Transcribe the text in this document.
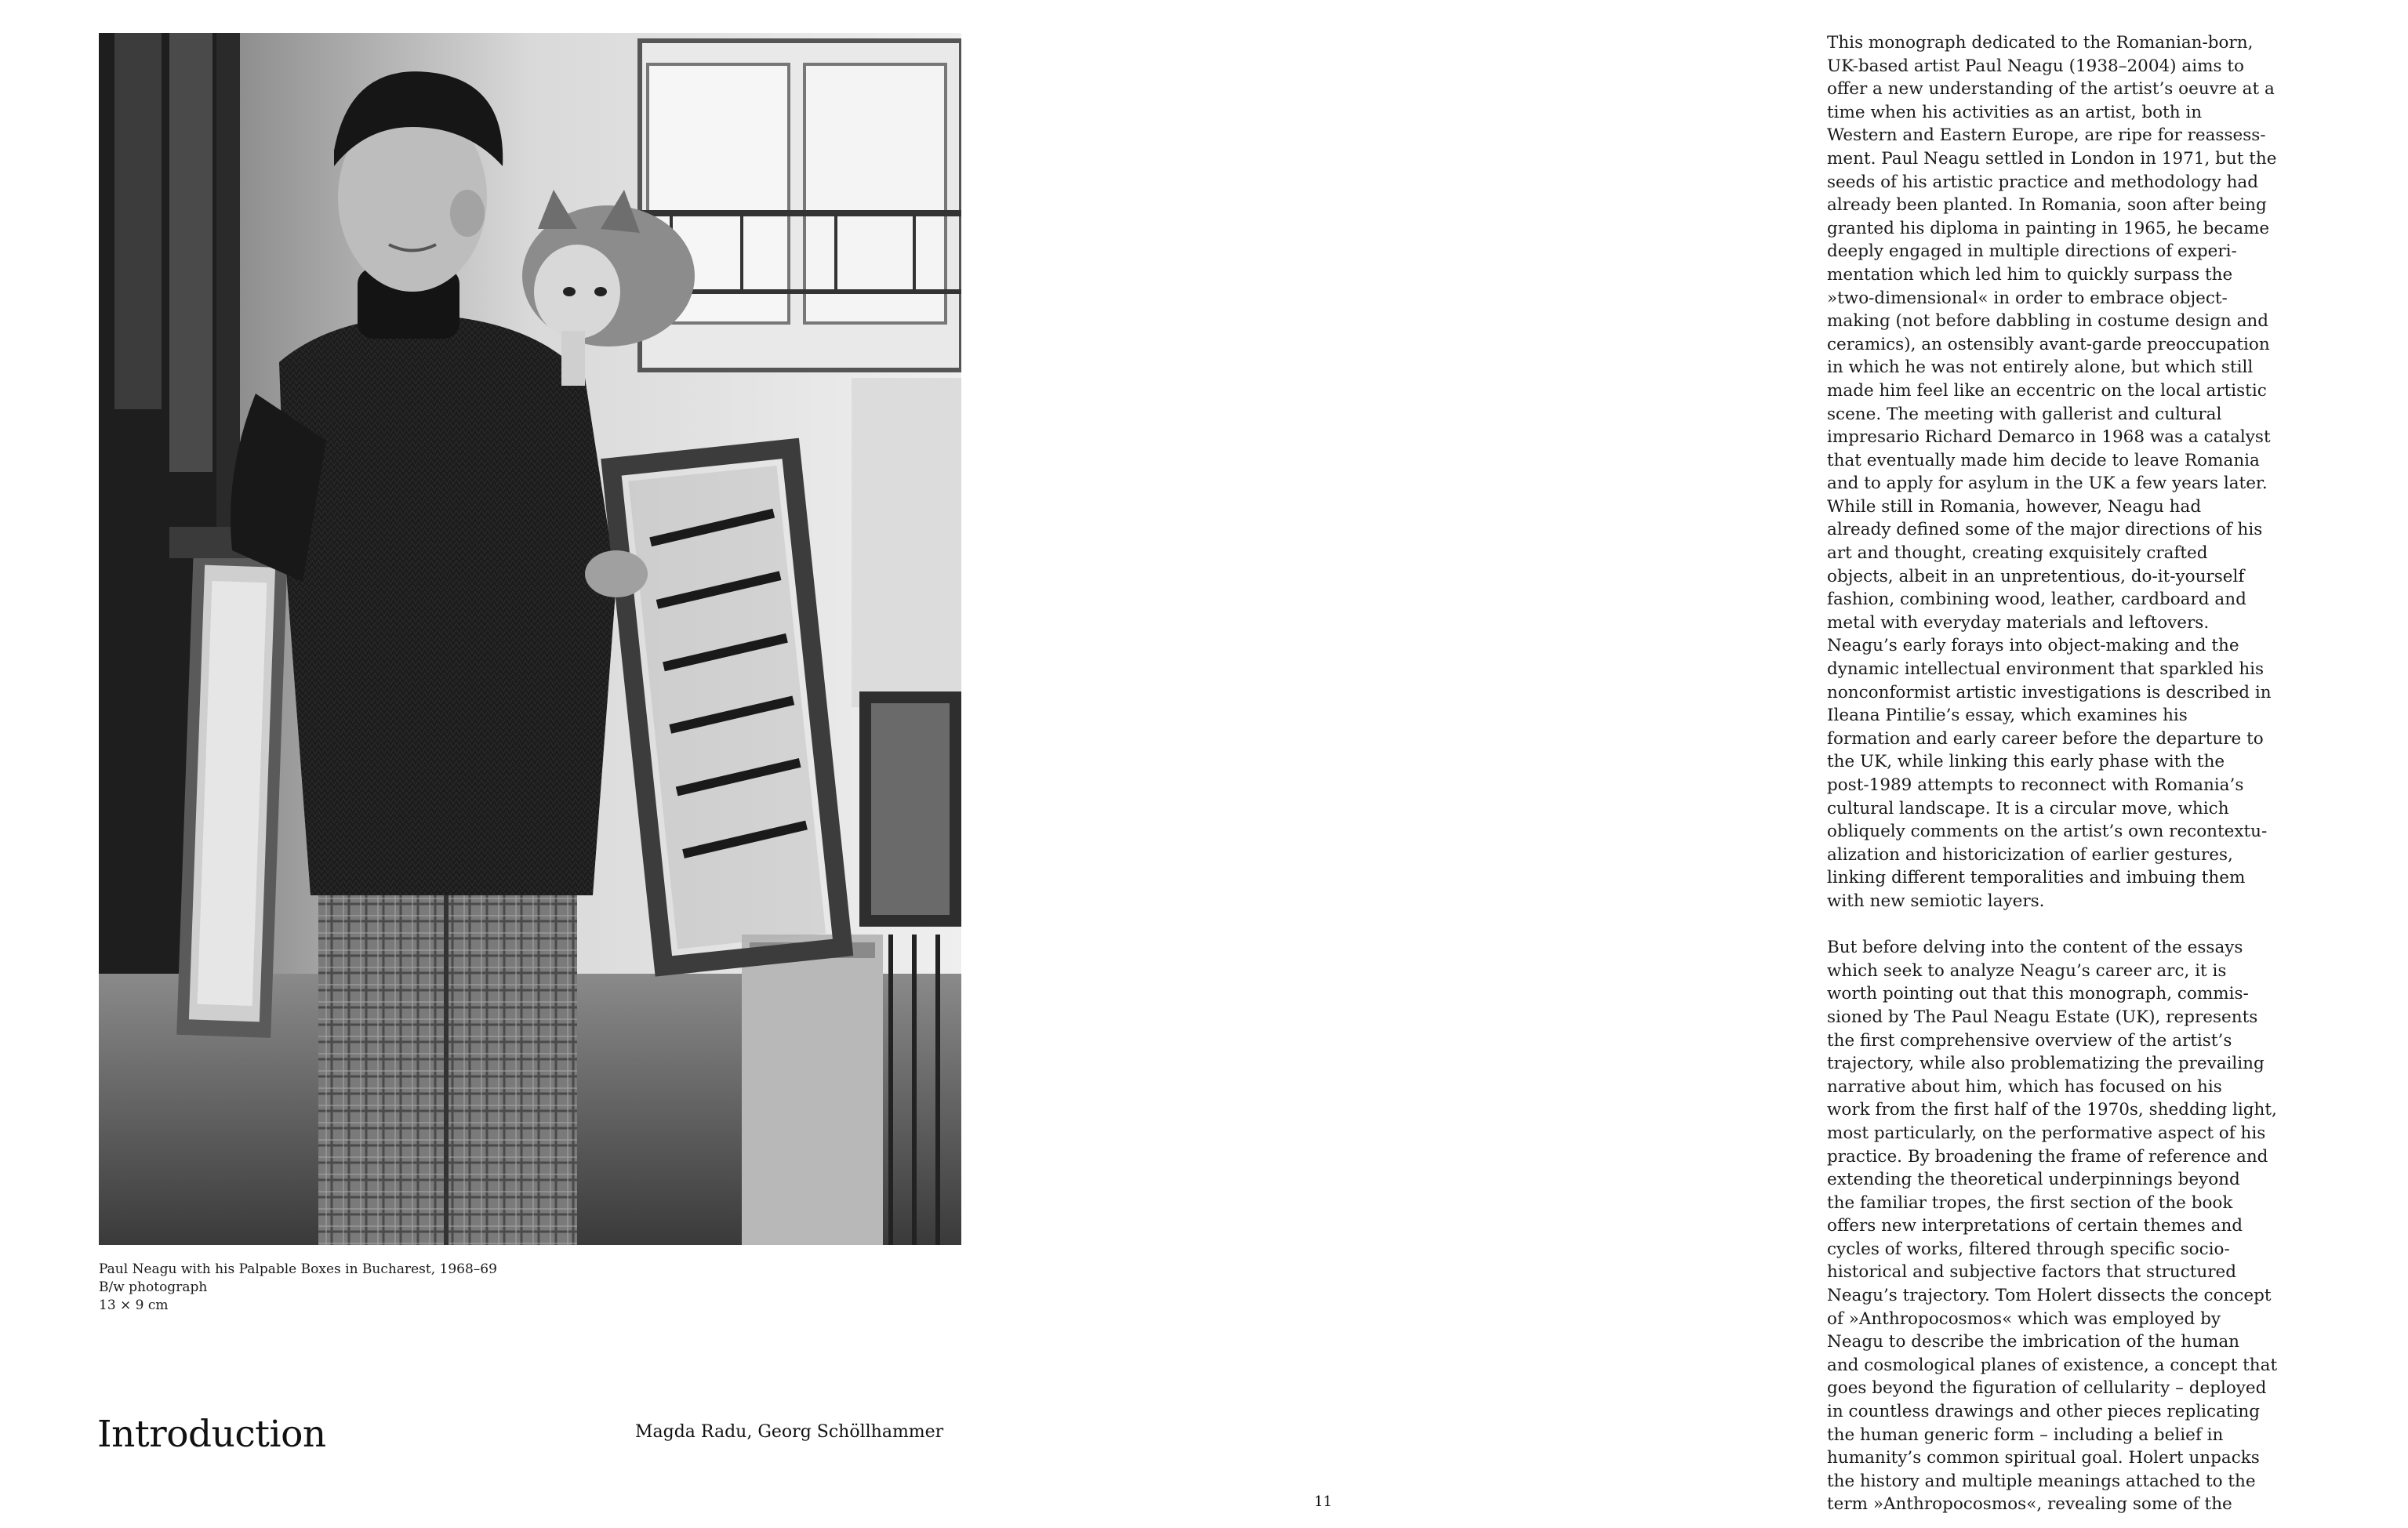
Paul Neagu with his Palpable Boxes in Bucharest, 1968–69
B/w photograph
13 × 9 cm
Introduction	Magda Radu, Georg Schöllhammer
11

This monograph dedicated to the Romanian-born,

UK-based artist Paul Neagu (1938–2004) aims to

offer a new understanding of the artist’s oeuvre at a

time when his activities as an artist, both in

Western and Eastern Europe, are ripe for reassess-

ment. Paul Neagu settled in London in 1971, but the

seeds of his artistic practice and methodology had

already been planted. In Romania, soon after being

granted his diploma in painting in 1965, he became

deeply engaged in multiple directions of experi-

mentation which led him to quickly surpass the

»two-dimensional« in order to embrace object-

making (not before dabbling in costume design and

ceramics), an ostensibly avant-garde preoccupation

in which he was not entirely alone, but which still

made him feel like an eccentric on the local artistic

scene. The meeting with gallerist and cultural

impresario Richard Demarco in 1968 was a catalyst

that eventually made him decide to leave Romania

and to apply for asylum in the UK a few years later.

While still in Romania, however, Neagu had

already defined some of the major directions of his

art and thought, creating exquisitely crafted

objects, albeit in an unpretentious, do-it-yourself

fashion, combining wood, leather, cardboard and

metal with everyday materials and leftovers.

Neagu’s early forays into object-making and the

dynamic intellectual environment that sparkled his

nonconformist artistic investigations is described in

Ileana Pintilie’s essay, which examines his

formation and early career before the departure to

the UK, while linking this early phase with the

post-1989 attempts to reconnect with Romania’s

cultural landscape. It is a circular move, which

obliquely comments on the artist’s own recontextu-

alization and historicization of earlier gestures,

linking different temporalities and imbuing them

with new semiotic layers.

But before delving into the content of the essays

which seek to analyze Neagu’s career arc, it is

worth pointing out that this monograph, commis-

sioned by The Paul Neagu Estate (UK), represents

the first comprehensive overview of the artist’s

trajectory, while also problematizing the prevailing

narrative about him, which has focused on his

work from the first half of the 1970s, shedding light,

most particularly, on the performative aspect of his

practice. By broadening the frame of reference and

extending the theoretical underpinnings beyond

the familiar tropes, the first section of the book

offers new interpretations of certain themes and

cycles of works, filtered through specific socio-

historical and subjective factors that structured

Neagu’s trajectory. Tom Holert dissects the concept

of »Anthropocosmos« which was employed by

Neagu to describe the imbrication of the human

and cosmological planes of existence, a concept that

goes beyond the figuration of cellularity – deployed

in countless drawings and other pieces replicating

the human generic form – including a belief in

humanity’s common spiritual goal. Holert unpacks

the history and multiple meanings attached to the

term »Anthropocosmos«, revealing some of the
